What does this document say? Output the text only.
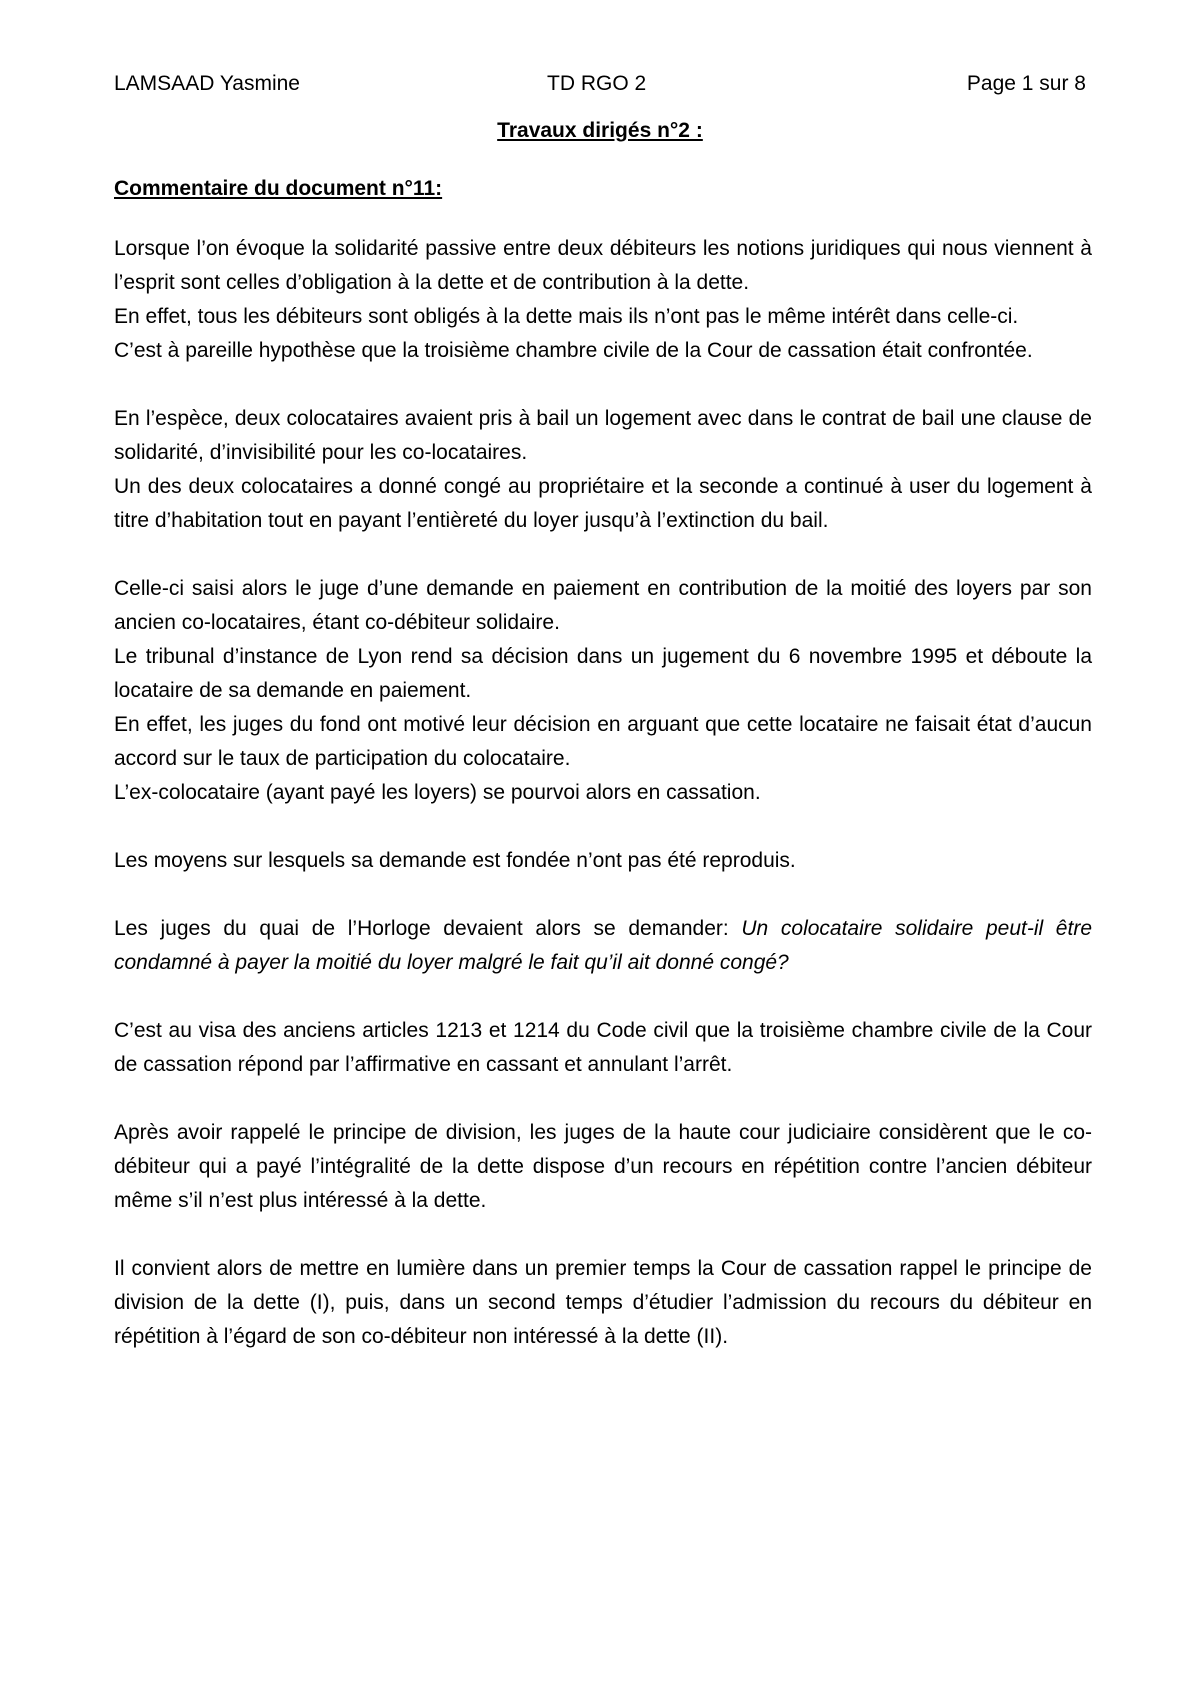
LAMSAAD Yasmine	TD RGO 2	Page 1 sur 8
Travaux dirigés n°2 :
Commentaire du document n°11:

Lorsque l’on évoque la solidarité passive entre deux débiteurs les notions juridiques qui nous viennent à l’esprit sont celles d’obligation à la dette et de contribution à la dette.

En effet, tous les débiteurs sont obligés à la dette mais ils n’ont pas le même intérêt dans celle-ci.

C’est à pareille hypothèse que la troisième chambre civile de la Cour de cassation était confrontée.

En l’espèce, deux colocataires avaient pris à bail un logement avec dans le contrat de bail une clause de solidarité, d’invisibilité pour les co-locataires.

Un des deux colocataires a donné congé au propriétaire et la seconde a continué à user du logement à titre d’habitation tout en payant l’entièreté du loyer jusqu’à l’extinction du bail.

Celle-ci saisi alors le juge d’une demande en paiement en contribution de la moitié des loyers par son ancien co-locataires, étant co-débiteur solidaire.

Le tribunal d’instance de Lyon rend sa décision dans un jugement du 6 novembre 1995 et déboute la locataire de sa demande en paiement.

En effet, les juges du fond ont motivé leur décision en arguant que cette locataire ne faisait état d’aucun accord sur le taux de participation du colocataire.

L’ex-colocataire (ayant payé les loyers) se pourvoi alors en cassation.

Les moyens sur lesquels sa demande est fondée n’ont pas été reproduis.

Les juges du quai de l’Horloge devaient alors se demander: Un colocataire solidaire peut-il être condamné à payer la moitié du loyer malgré le fait qu’il ait donné congé?

C’est au visa des anciens articles 1213 et 1214 du Code civil que la troisième chambre civile de la Cour de cassation répond par l’affirmative en cassant et annulant l’arrêt.

Après avoir rappelé le principe de division, les juges de la haute cour judiciaire considèrent que le co-débiteur qui a payé l’intégralité de la dette dispose d’un recours en répétition contre l’ancien débiteur même s’il n’est plus intéressé à la dette.

Il convient alors de mettre en lumière dans un premier temps la Cour de cassation rappel le principe de division de la dette (I), puis, dans un second temps d’étudier l’admission du recours du débiteur en répétition à l’égard de son co-débiteur non intéressé à la dette (II).
